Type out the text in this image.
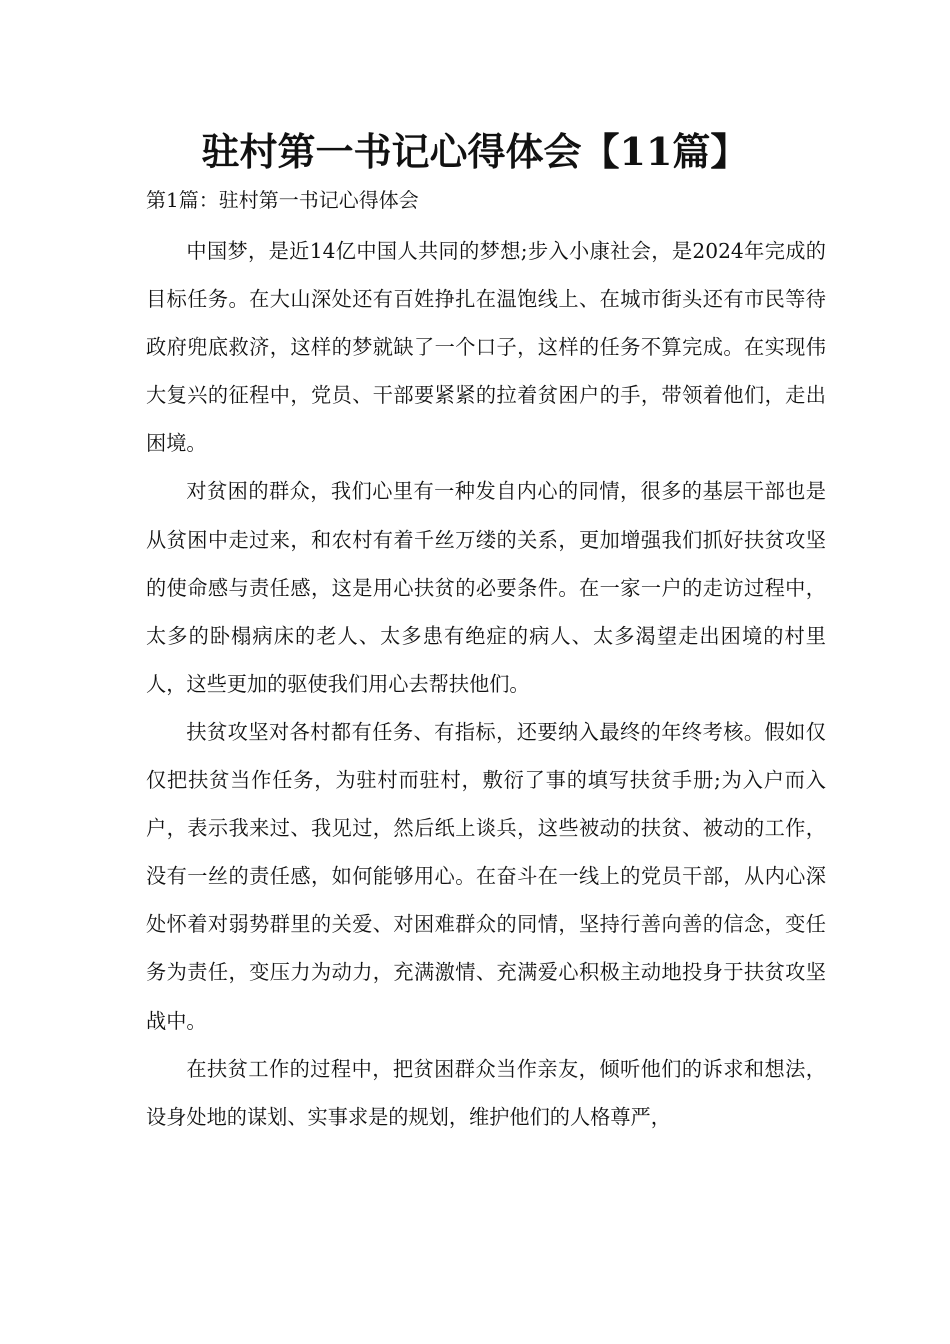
驻村第一书记心得体会【11篇】
第1篇：驻村第一书记心得体会

中国梦，是近14亿中国人共同的梦想;步入小康社会，是2024年完成的目标任务。在大山深处还有百姓挣扎在温饱线上、在城市街头还有市民等待政府兜底救济，这样的梦就缺了一个口子，这样的任务不算完成。在实现伟大复兴的征程中，党员、干部要紧紧的拉着贫困户的手，带领着他们，走出困境。

对贫困的群众，我们心里有一种发自内心的同情，很多的基层干部也是从贫困中走过来，和农村有着千丝万缕的关系，更加增强我们抓好扶贫攻坚的使命感与责任感，这是用心扶贫的必要条件。在一家一户的走访过程中，太多的卧榻病床的老人、太多患有绝症的病人、太多渴望走出困境的村里人，这些更加的驱使我们用心去帮扶他们。

扶贫攻坚对各村都有任务、有指标，还要纳入最终的年终考核。假如仅仅把扶贫当作任务，为驻村而驻村，敷衍了事的填写扶贫手册;为入户而入户，表示我来过、我见过，然后纸上谈兵，这些被动的扶贫、被动的工作，没有一丝的责任感，如何能够用心。在奋斗在一线上的党员干部，从内心深处怀着对弱势群里的关爱、对困难群众的同情，坚持行善向善的信念，变任务为责任，变压力为动力，充满激情、充满爱心积极主动地投身于扶贫攻坚战中。

在扶贫工作的过程中，把贫困群众当作亲友，倾听他们的诉求和想法，设身处地的谋划、实事求是的规划，维护他们的人格尊严，
